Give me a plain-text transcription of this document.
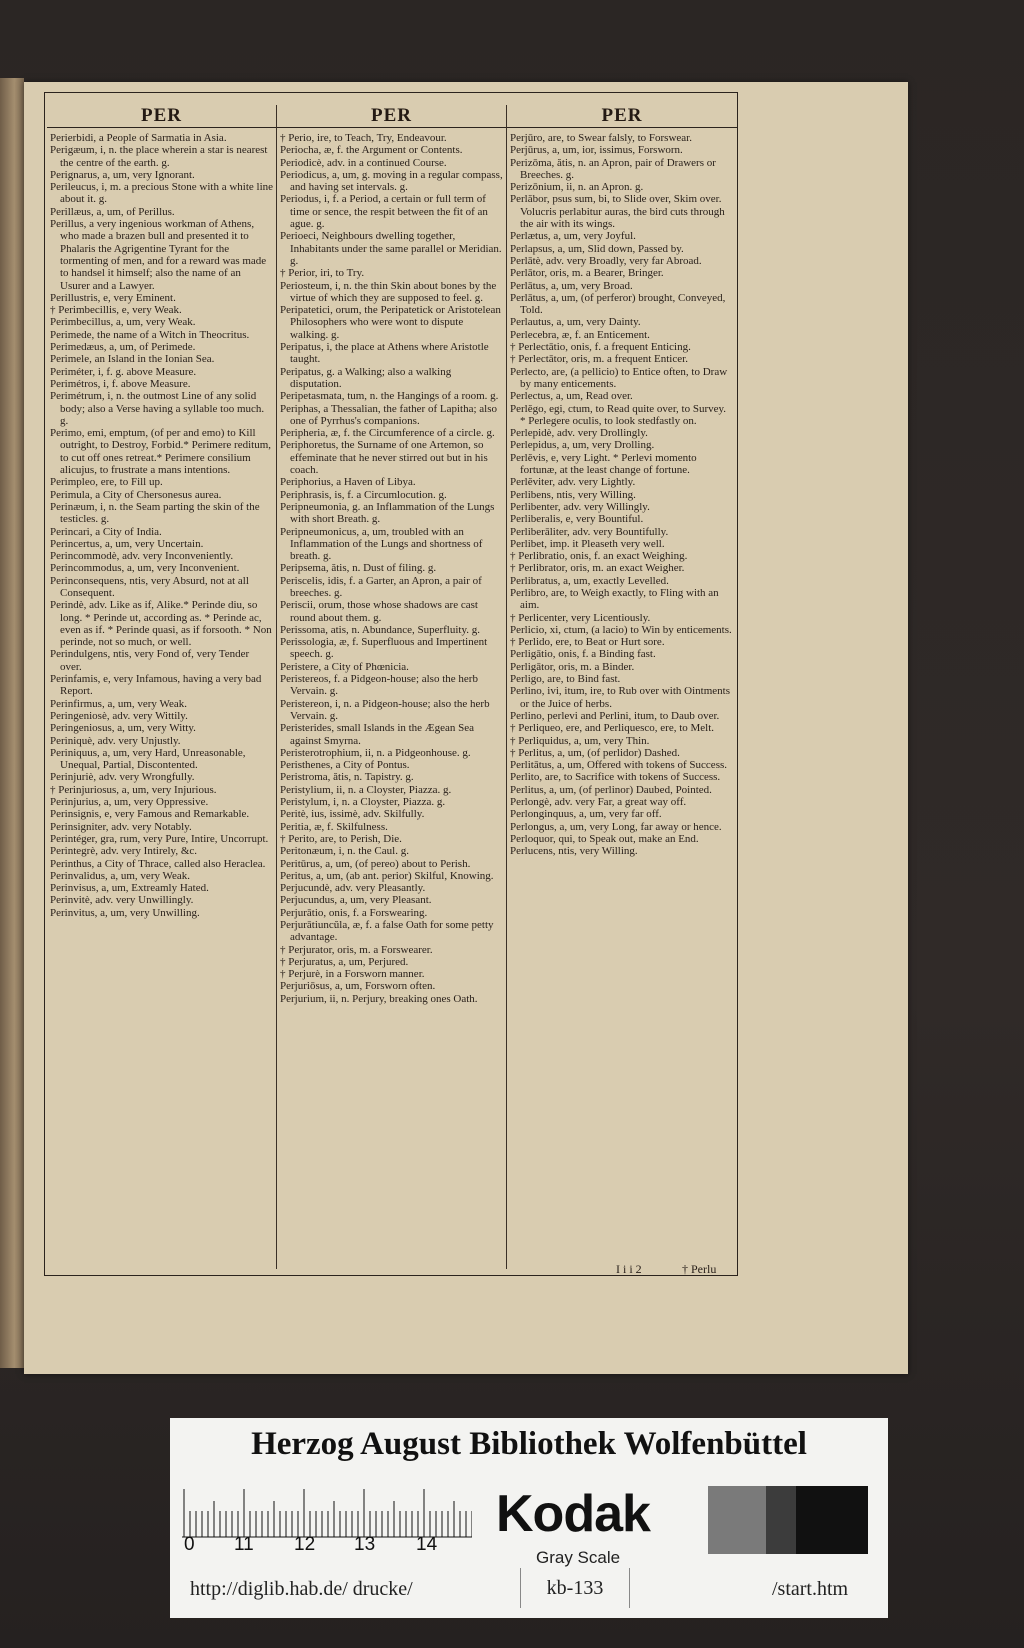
PER

Perierbidi, a People of Sarmatia in Asia.

Perigæum, i, n. the place wherein a star is nearest the centre of the earth. g.

Perignarus, a, um, very Ignorant.

Perileucus, i, m. a precious Stone with a white line about it. g.

Perillæus, a, um, of Perillus.

Perillus, a very ingenious workman of Athens, who made a brazen bull and presented it to Phalaris the Agrigentine Tyrant for the tormenting of men, and for a reward was made to handsel it himself; also the name of an Usurer and a Lawyer.

Perillustris, e, very Eminent.

† Perimbecillis, e, very Weak.

Perimbecillus, a, um, very Weak.

Perimede, the name of a Witch in Theocritus.

Perimedæus, a, um, of Perimede.

Perimele, an Island in the Ionian Sea.

Periméter, i, f. g. above Measure.

Perimétros, i, f. above Measure.

Perimétrum, i, n. the outmost Line of any solid body; also a Verse having a syllable too much. g.

Perimo, emi, emptum, (of per and emo) to Kill outright, to Destroy, Forbid.* Perimere reditum, to cut off ones retreat.* Perimere consilium alicujus, to frustrate a mans intentions.

Perimpleo, ere, to Fill up.

Perimula, a City of Chersonesus aurea.

Perinæum, i, n. the Seam parting the skin of the testicles. g.

Perincari, a City of India.

Perincertus, a, um, very Uncertain.

Perincommodè, adv. very Inconveniently.

Perincommodus, a, um, very Inconvenient.

Perinconsequens, ntis, very Absurd, not at all Consequent.

Perindè, adv. Like as if, Alike.* Perinde diu, so long. * Perinde ut, according as. * Perinde ac, even as if. * Perinde quasi, as if forsooth. * Non perinde, not so much, or well.

Perindulgens, ntis, very Fond of, very Tender over.

Perinfamis, e, very Infamous, having a very bad Report.

Perinfirmus, a, um, very Weak.

Peringeniosè, adv. very Wittily.

Peringeniosus, a, um, very Witty.

Periniquè, adv. very Unjustly.

Periniquus, a, um, very Hard, Unreasonable, Unequal, Partial, Discontented.

Perinjuriè, adv. very Wrongfully.

† Perinjuriosus, a, um, very Injurious.

Perinjurius, a, um, very Oppressive.

Perinsignis, e, very Famous and Remarkable.

Perinsigniter, adv. very Notably.

Perintéger, gra, rum, very Pure, Intire, Uncorrupt.

Perintegrè, adv. very Intirely, &c.

Perinthus, a City of Thrace, called also Heraclea.

Perinvalidus, a, um, very Weak.

Perinvisus, a, um, Extreamly Hated.

Perinvitè, adv. very Unwillingly.

Perinvitus, a, um, very Unwilling.

PER

† Perio, ire, to Teach, Try, Endeavour.

Periocha, æ, f. the Argument or Contents.

Periodicè, adv. in a continued Course.

Periodicus, a, um, g. moving in a regular compass, and having set intervals. g.

Periodus, i, f. a Period, a certain or full term of time or sence, the respit between the fit of an ague. g.

Perioeci, Neighbours dwelling together, Inhabitants under the same parallel or Meridian. g.

† Perior, iri, to Try.

Periosteum, i, n. the thin Skin about bones by the virtue of which they are supposed to feel. g.

Peripatetici, orum, the Peripatetick or Aristotelean Philosophers who were wont to dispute walking. g.

Peripatus, i, the place at Athens where Aristotle taught.

Peripatus, g. a Walking; also a walking disputation.

Peripetasmata, tum, n. the Hangings of a room. g.

Periphas, a Thessalian, the father of Lapitha; also one of Pyrrhus's companions.

Peripheria, æ, f. the Circumference of a circle. g.

Periphoretus, the Surname of one Artemon, so effeminate that he never stirred out but in his coach.

Periphorius, a Haven of Libya.

Periphrasis, is, f. a Circumlocution. g.

Peripneumonia, g. an Inflammation of the Lungs with short Breath. g.

Peripneumonicus, a, um, troubled with an Inflammation of the Lungs and shortness of breath. g.

Peripsema, ătis, n. Dust of filing. g.

Periscelis, idis, f. a Garter, an Apron, a pair of breeches. g.

Periscii, orum, those whose shadows are cast round about them. g.

Perissoma, atis, n. Abundance, Superfluity. g.

Perissologia, æ, f. Superfluous and Impertinent speech. g.

Peristere, a City of Phœnicia.

Peristereos, f. a Pidgeon-house; also the herb Vervain. g.

Peristereon, i, n. a Pidgeon-house; also the herb Vervain. g.

Peristerides, small Islands in the Ægean Sea against Smyrna.

Peristerotrophium, ii, n. a Pidgeonhouse. g.

Peristhenes, a City of Pontus.

Peristroma, ătis, n. Tapistry. g.

Peristylium, ii, n. a Cloyster, Piazza. g.

Peristylum, i, n. a Cloyster, Piazza. g.

Peritè, ius, issimè, adv. Skilfully.

Peritia, æ, f. Skilfulness.

† Perito, are, to Perish, Die.

Peritonæum, i, n. the Caul. g.

Peritūrus, a, um, (of pereo) about to Perish.

Peritus, a, um, (ab ant. perior) Skilful, Knowing.

Perjucundè, adv. very Pleasantly.

Perjucundus, a, um, very Pleasant.

Perjurātio, onis, f. a Forswearing.

Perjurātiuncŭla, æ, f. a false Oath for some petty advantage.

† Perjurator, oris, m. a Forswearer.

† Perjuratus, a, um, Perjured.

† Perjurè, in a Forsworn manner.

Perjuriōsus, a, um, Forsworn often.

Perjurium, ii, n. Perjury, breaking ones Oath.

PER

Perjūro, are, to Swear falsly, to Forswear.

Perjūrus, a, um, ior, issimus, Forsworn.

Perizōma, ătis, n. an Apron, pair of Drawers or Breeches. g.

Perizōnium, ii, n. an Apron. g.

Perlăbor, psus sum, bi, to Slide over, Skim over. Volucris perlabitur auras, the bird cuts through the air with its wings.

Perlætus, a, um, very Joyful.

Perlapsus, a, um, Slid down, Passed by.

Perlātè, adv. very Broadly, very far Abroad.

Perlātor, oris, m. a Bearer, Bringer.

Perlātus, a, um, very Broad.

Perlātus, a, um, (of perferor) brought, Conveyed, Told.

Perlautus, a, um, very Dainty.

Perlecebra, æ, f. an Enticement.

† Perlectātio, onis, f. a frequent Enticing.

† Perlectātor, oris, m. a frequent Enticer.

Perlecto, are, (a pellicio) to Entice often, to Draw by many enticements.

Perlectus, a, um, Read over.

Perlĕgo, egi, ctum, to Read quite over, to Survey. * Perlegere oculis, to look stedfastly on.

Perlepidè, adv. very Drollingly.

Perlepidus, a, um, very Drolling.

Perlĕvis, e, very Light. * Perlevi momento fortunæ, at the least change of fortune.

Perlĕviter, adv. very Lightly.

Perlibens, ntis, very Willing.

Perlibenter, adv. very Willingly.

Perliberalis, e, very Bountiful.

Perliberāliter, adv. very Bountifully.

Perlibet, imp. it Pleaseth very well.

† Perlibratio, onis, f. an exact Weighing.

† Perlibrator, oris, m. an exact Weigher.

Perlibratus, a, um, exactly Levelled.

Perlibro, are, to Weigh exactly, to Fling with an aim.

† Perlicenter, very Licentiously.

Perlicio, xi, ctum, (a lacio) to Win by enticements.

† Perlido, ere, to Beat or Hurt sore.

Perligātio, onis, f. a Binding fast.

Perligātor, oris, m. a Binder.

Perligo, are, to Bind fast.

Perlino, ivi, itum, ire, to Rub over with Ointments or the Juice of herbs.

Perlino, perlevi and Perlini, itum, to Daub over.

† Perliqueo, ere, and Perliquesco, ere, to Melt.

† Perliquidus, a, um, very Thin.

† Perlitus, a, um, (of perlidor) Dashed.

Perlitātus, a, um, Offered with tokens of Success.

Perlito, are, to Sacrifice with tokens of Success.

Perlitus, a, um, (of perlinor) Daubed, Pointed.

Perlongè, adv. very Far, a great way off.

Perlonginquus, a, um, very far off.

Perlongus, a, um, very Long, far away or hence.

Perloquor, qui, to Speak out, make an End.

Perlucens, ntis, very Willing.

I i i 2	† Perlu
Herzog August Bibliothek Wolfenbüttel
0 11 12 13 14
Kodak
Gray Scale
http://diglib.hab.de/ drucke/	kb-133	/start.htm
